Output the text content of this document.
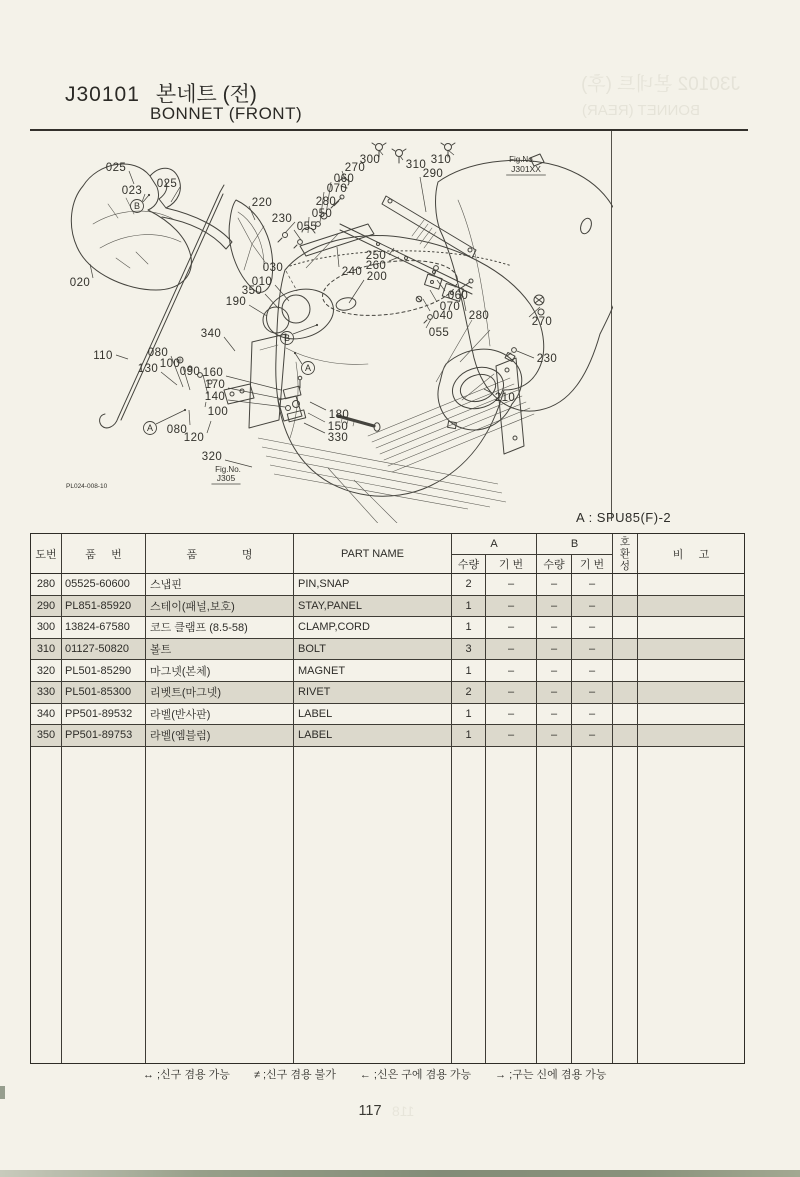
J30101 본네트 (전)
BONNET (FRONT)
J30102 본네트 (후)
BONNET (REAR)
025
023
025
020
110	080
130 100
090 160
170
140
100
080
120
180
150
330
320
340
030
010
350
190
220
230
300
270
060
070
280
050
055
310 310
290
250
260
240 200
060
070
040 280
055
270
230
210
B
A
B
A
Fig.No.
J301XX
Fig.No.
J305
PL024-008-10
A : SPU85(F)-2
도번	품 번	품 명	PART NAME
A	B	호환성
비 고
수량	기 번	수량	기 번
280 05525-60600	스냅핀	PIN,SNAP	2	–	–	–
290 PL851-85920	스테이(패널,보호)	STAY,PANEL	1	–	–	–
300 13824-67580	코드 클램프 (8.5-58)	CLAMP,CORD	1	–	–	–
310 01127-50820	볼트	BOLT	3	–	–	–
320 PL501-85290	마그넷(본체)	MAGNET	1	–	–	–
330 PL501-85300	리벳트(마그넷)	RIVET	2	–	–	–
340 PP501-89532	라벨(반사판)	LABEL	1	–	–	–
350 PP501-89753	라벨(엠블럼)	LABEL	1	–	–	–
↔ ;신구 겸용 가능 ≠ ;신구 겸용 불가 ← ;신은 구에 겸용 가능 → ;구는 신에 겸용 가능
117 118
